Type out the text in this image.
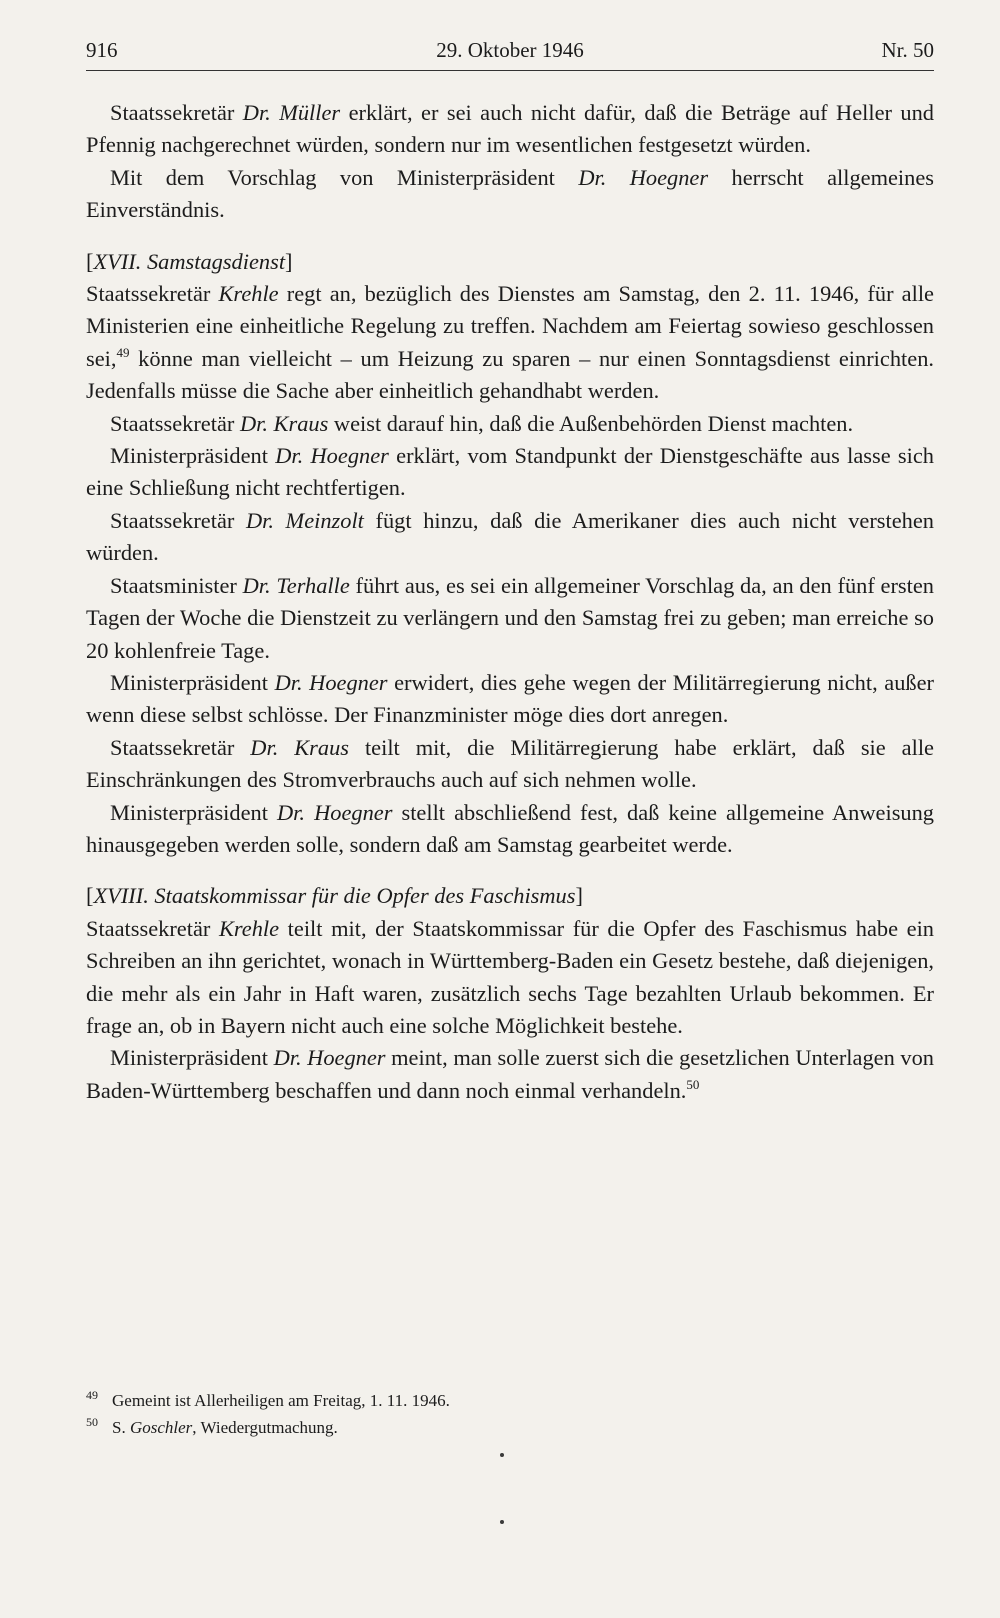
916	29. Oktober 1946	Nr. 50

Staatssekretär Dr. Müller erklärt, er sei auch nicht dafür, daß die Beträge auf Heller und Pfennig nachgerechnet würden, sondern nur im wesentlichen festgesetzt würden.

Mit dem Vorschlag von Ministerpräsident Dr. Hoegner herrscht allgemeines Einverständnis.

[XVII. Samstagsdienst]

Staatssekretär Krehle regt an, bezüglich des Dienstes am Samstag, den 2. 11. 1946, für alle Ministerien eine einheitliche Regelung zu treffen. Nachdem am Feiertag sowieso geschlossen sei,$^{49}$ könne man vielleicht – um Heizung zu sparen – nur einen Sonntagsdienst einrichten. Jedenfalls müsse die Sache aber einheitlich gehandhabt werden.

Staatssekretär Dr. Kraus weist darauf hin, daß die Außenbehörden Dienst machten.

Ministerpräsident Dr. Hoegner erklärt, vom Standpunkt der Dienstgeschäfte aus lasse sich eine Schließung nicht rechtfertigen.

Staatssekretär Dr. Meinzolt fügt hinzu, daß die Amerikaner dies auch nicht verstehen würden.

Staatsminister Dr. Terhalle führt aus, es sei ein allgemeiner Vorschlag da, an den fünf ersten Tagen der Woche die Dienstzeit zu verlängern und den Samstag frei zu geben; man erreiche so 20 kohlenfreie Tage.

Ministerpräsident Dr. Hoegner erwidert, dies gehe wegen der Militärregierung nicht, außer wenn diese selbst schlösse. Der Finanzminister möge dies dort anregen.

Staatssekretär Dr. Kraus teilt mit, die Militärregierung habe erklärt, daß sie alle Einschränkungen des Stromverbrauchs auch auf sich nehmen wolle.

Ministerpräsident Dr. Hoegner stellt abschließend fest, daß keine allgemeine Anweisung hinausgegeben werden solle, sondern daß am Samstag gearbeitet werde.

[XVIII. Staatskommissar für die Opfer des Faschismus]

Staatssekretär Krehle teilt mit, der Staatskommissar für die Opfer des Faschismus habe ein Schreiben an ihn gerichtet, wonach in Württemberg-Baden ein Gesetz bestehe, daß diejenigen, die mehr als ein Jahr in Haft waren, zusätzlich sechs Tage bezahlten Urlaub bekommen. Er frage an, ob in Bayern nicht auch eine solche Möglichkeit bestehe.

Ministerpräsident Dr. Hoegner meint, man solle zuerst sich die gesetzlichen Unterlagen von Baden-Württemberg beschaffen und dann noch einmal verhandeln.$^{50}$

49 Gemeint ist Allerheiligen am Freitag, 1. 11. 1946.
50 S. Goschler, Wiedergutmachung.
